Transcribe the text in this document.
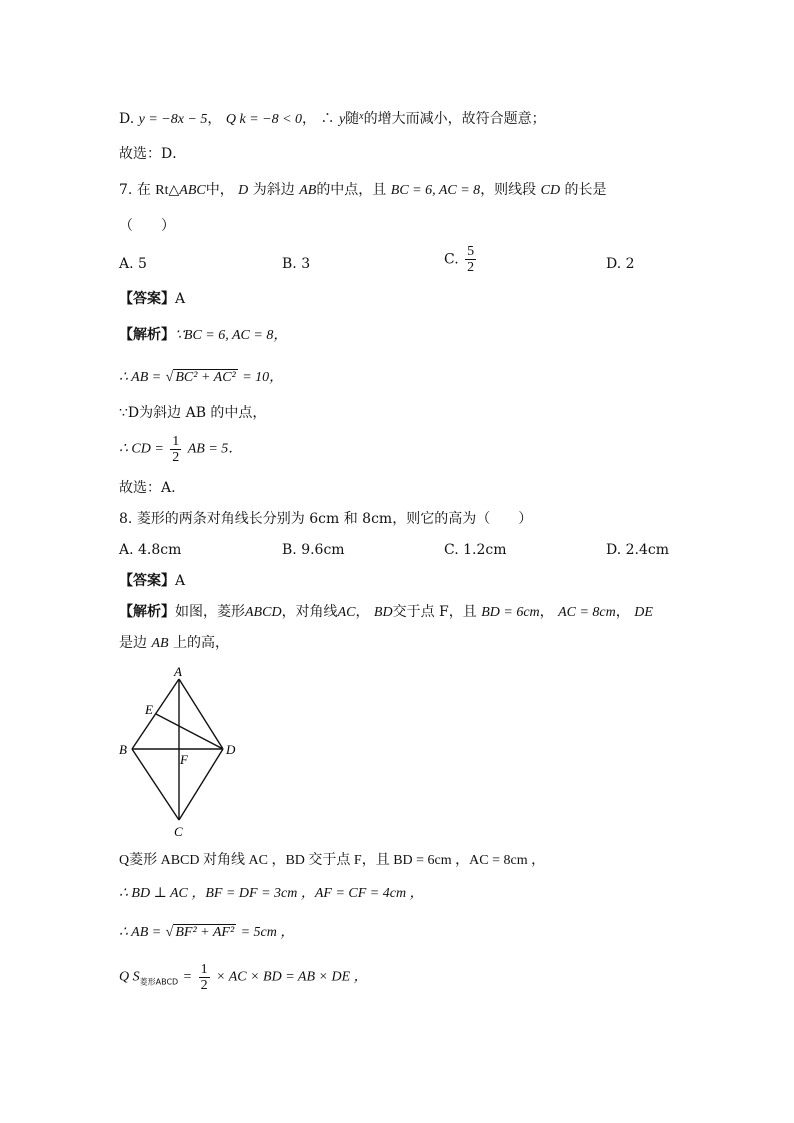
D. y = −8x − 5， Q k = −8 < 0， ∴ y随$^x$的增大而减小，故符合题意；
故选：D．
7. 在 Rt△ABC中， D 为斜边 AB的中点，且 BC = 6, AC = 8，则线段 CD 的长是
（　　）
A. 5	B. 3	C. $\frac{5}{2}$	D. 2
【答案】A
【解析】∵BC = 6, AC = 8，
∴ AB = √ BC² + AC² = 10，
∵D为斜边 AB 的中点，
∴ CD = $\frac{1}{2}$ AB = 5．
故选：A.
8. 菱形的两条对角线长分别为 6cm 和 8cm，则它的高为（　　）
A. 4.8cm	B. 9.6cm	C. 1.2cm	D. 2.4cm
【答案】A
【解析】如图，菱形ABCD，对角线AC， BD交于点 F，且 BD = 6cm， AC = 8cm， DE
是边 AB 上的高，
A
B
C
D
E
F
Q菱形 ABCD 对角线 AC ，BD 交于点 F，且 BD = 6cm ，AC = 8cm ，
∴ BD ⊥ AC ，BF = DF = 3cm ，AF = CF = 4cm ，
∴ AB = √ BF² + AF² = 5cm ，
Q $S_{菱形ABCD} = \frac{1}{2}$ × AC × BD = AB × DE ，
